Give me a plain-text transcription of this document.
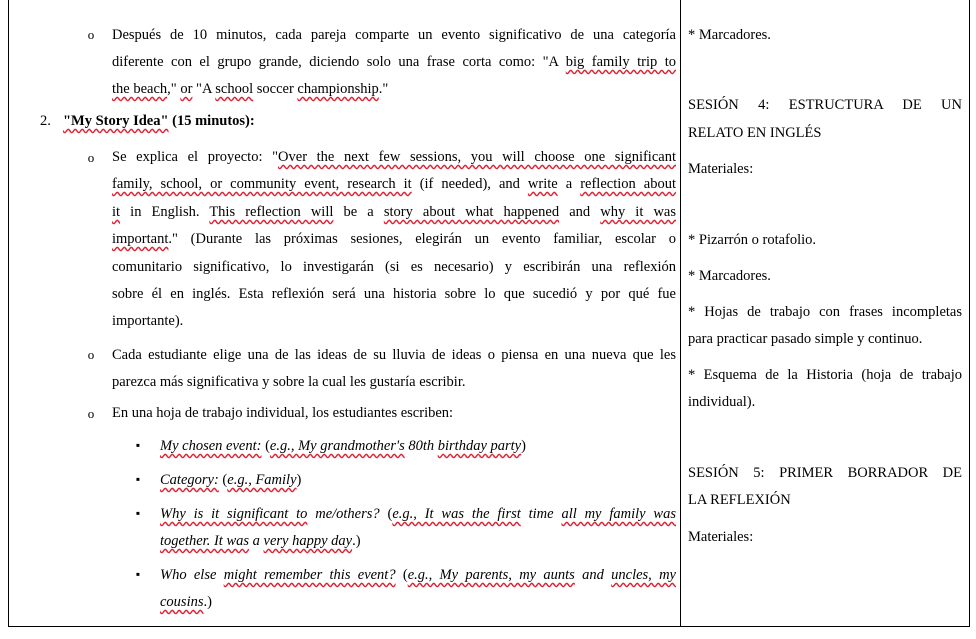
o Después de 10 minutos, cada pareja comparte un evento significativo de una categoría
diferente con el grupo grande, diciendo solo una frase corta como: "A big family trip to
the beach," or "A school soccer championship."
2. "My Story Idea" (15 minutos):
o Se explica el proyecto: "Over the next few sessions, you will choose one significant
family, school, or community event, research it (if needed), and write a reflection about
it in English. This reflection will be a story about what happened and why it was
important." (Durante las próximas sesiones, elegirán un evento familiar, escolar o
comunitario significativo, lo investigarán (si es necesario) y escribirán una reflexión
sobre él en inglés. Esta reflexión será una historia sobre lo que sucedió y por qué fue
importante).
o Cada estudiante elige una de las ideas de su lluvia de ideas o piensa en una nueva que les
parezca más significativa y sobre la cual les gustaría escribir.
o En una hoja de trabajo individual, los estudiantes escriben:
▪ My chosen event: (e.g., My grandmother's 80th birthday party)
▪ Category: (e.g., Family)
▪ Why is it significant to me/others? (e.g., It was the first time all my family was
together. It was a very happy day.)
▪ Who else might remember this event? (e.g., My parents, my aunts and uncles, my
cousins.)
* Marcadores.
SESIÓN 4: ESTRUCTURA DE UN
RELATO EN INGLÉS
Materiales:
* Pizarrón o rotafolio.
* Marcadores.
* Hojas de trabajo con frases incompletas
para practicar pasado simple y continuo.
* Esquema de la Historia (hoja de trabajo
individual).
SESIÓN 5: PRIMER BORRADOR DE
LA REFLEXIÓN
Materiales:
